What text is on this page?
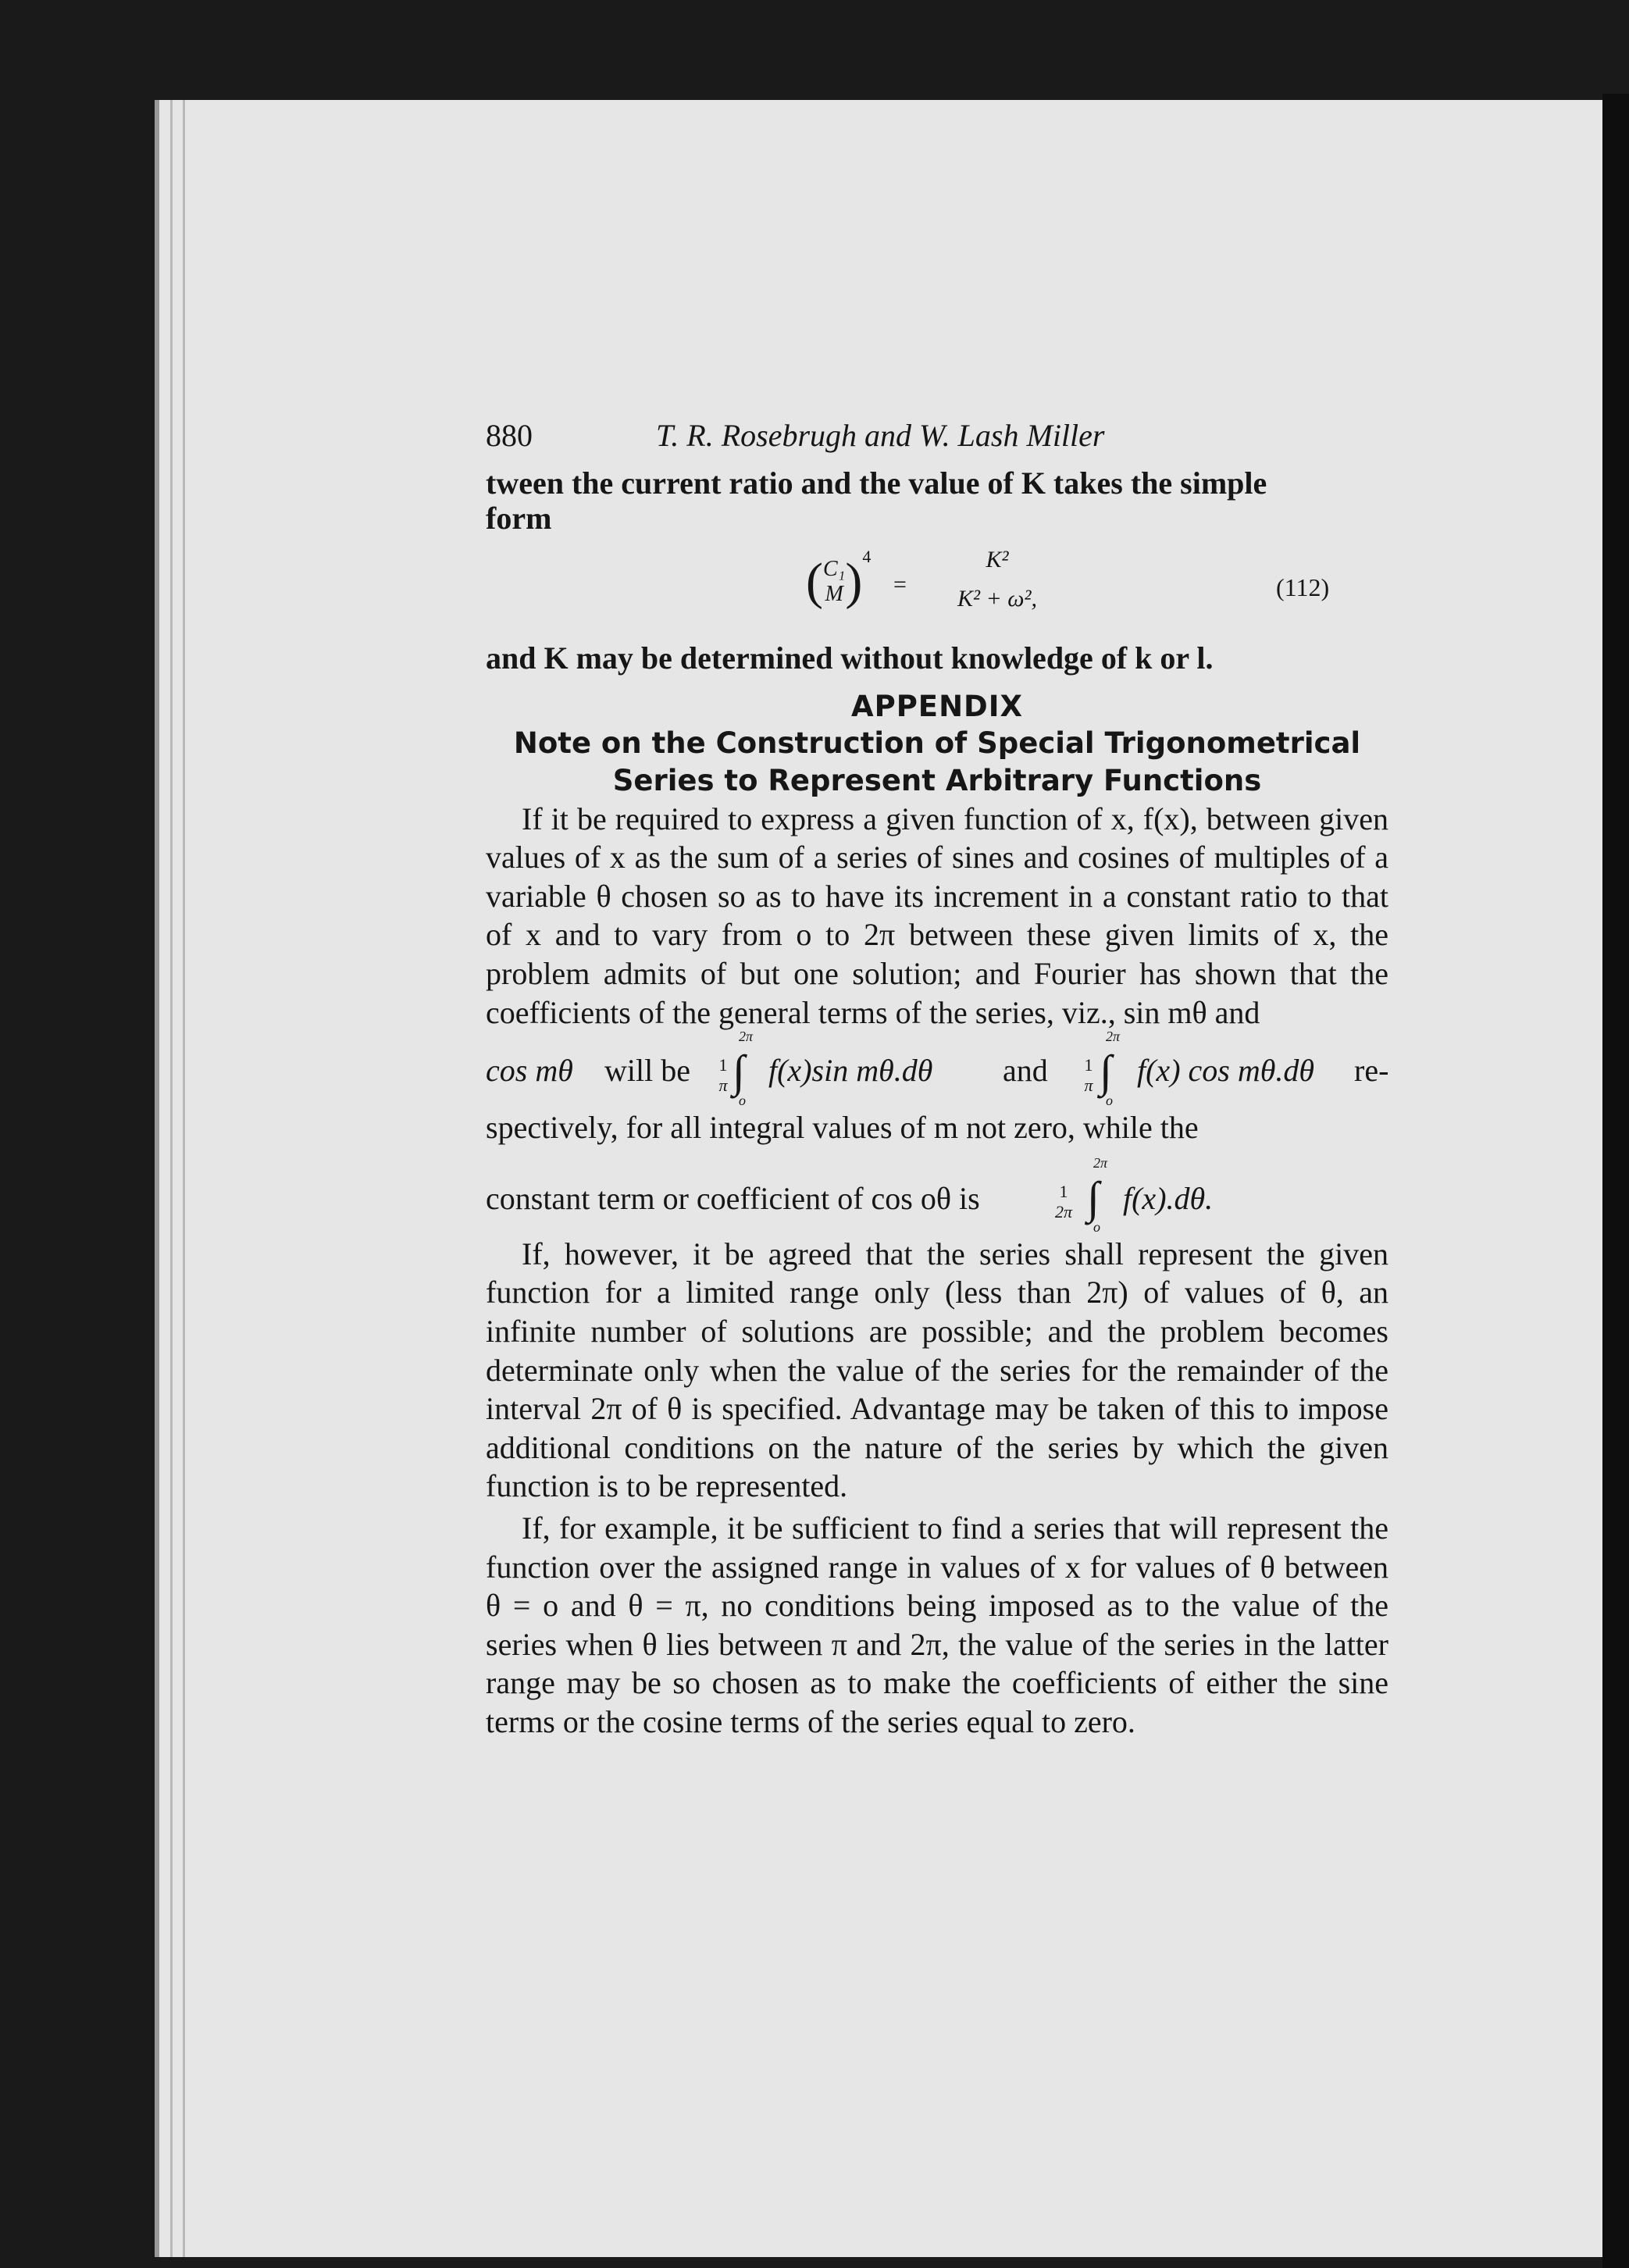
880	T. R. Rosebrugh and W. Lash Miller

tween the current ratio and the value of K takes the simple

form

(C₁
M)$^4$
=
K²
K² + ω²,	(112)

and K may be determined without knowledge of k or l.

APPENDIX
Note on the Construction of Special Trigonometrical
Series to Represent Arbitrary Functions

If it be required to express a given function of x, f(x), between given values of x as the sum of a series of sines and cosines of multiples of a variable θ chosen so as to have its increment in a constant ratio to that of x and to vary from o to 2π between these given limits of x, the problem admits of but one solution; and Fourier has shown that the coefficients of the general terms of the series, viz., sin mθ and

cos mθ will be	1
π
2π
∫
o
f(x)sin mθ.dθ and	1
π
2π
∫
o
f(x) cos mθ.dθ re-

spectively, for all integral values of m not zero, while the

constant term or coefficient of cos oθ is	1
2π
2π
∫
o
f(x).dθ.

If, however, it be agreed that the series shall represent the given function for a limited range only (less than 2π) of values of θ, an infinite number of solutions are possible; and the problem becomes determinate only when the value of the series for the remainder of the interval 2π of θ is specified. Advantage may be taken of this to impose additional conditions on the nature of the series by which the given function is to be represented.

If, for example, it be sufficient to find a series that will represent the function over the assigned range in values of x for values of θ between θ = o and θ = π, no conditions being imposed as to the value of the series when θ lies between π and 2π, the value of the series in the latter range may be so chosen as to make the coefficients of either the sine terms or the cosine terms of the series equal to zero.
